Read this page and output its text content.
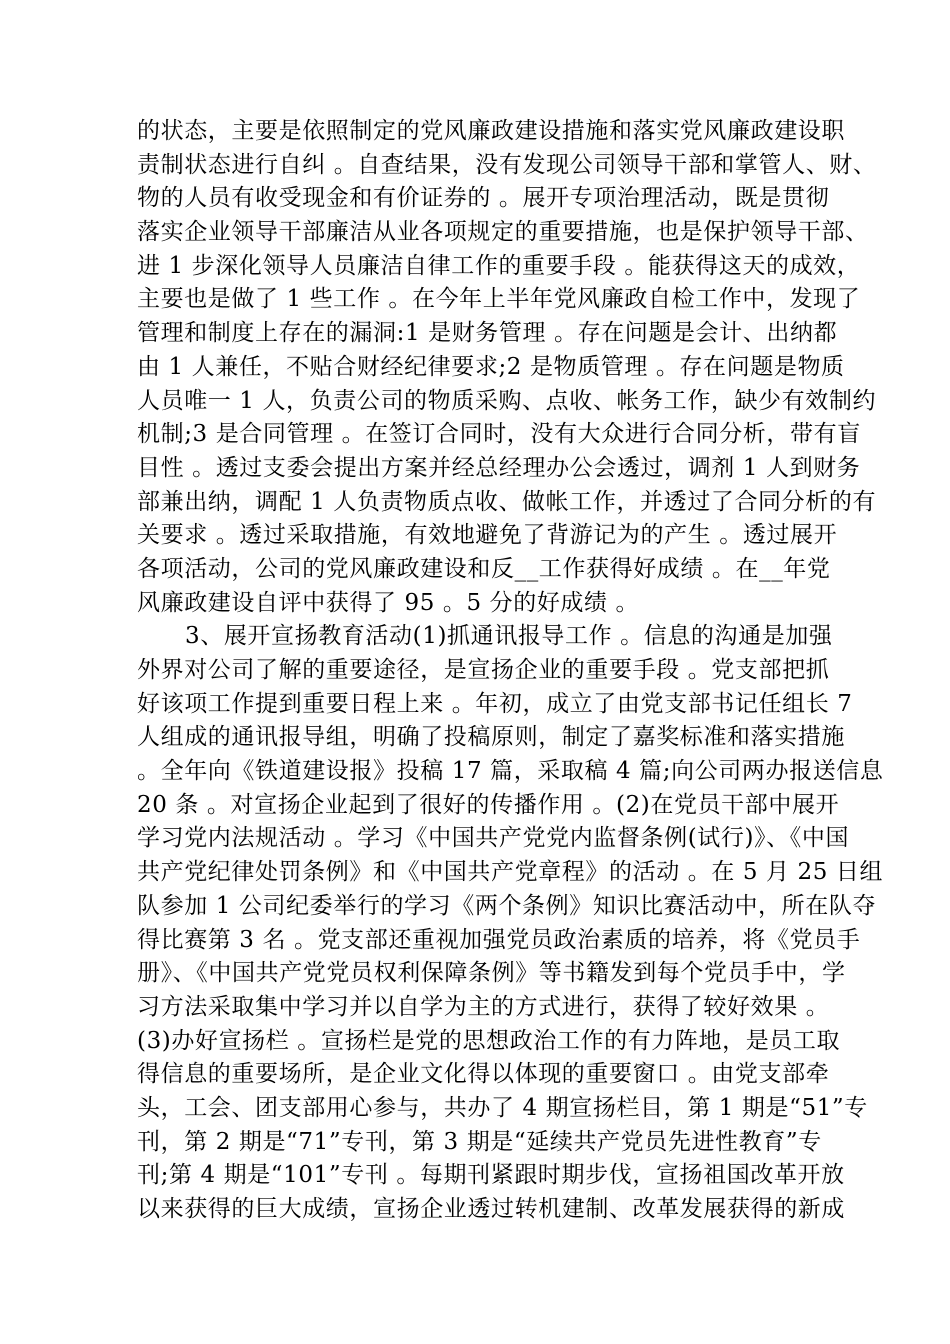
的状态，主要是依照制定的党风廉政建设措施和落实党风廉政建设职
责制状态进行自纠 。自查结果，没有发现公司领导干部和掌管人、财、
物的人员有收受现金和有价证券的 。展开专项治理活动，既是贯彻
落实企业领导干部廉洁从业各项规定的重要措施，也是保护领导干部、
进 1 步深化领导人员廉洁自律工作的重要手段 。能获得这天的成效，
主要也是做了 1 些工作 。在今年上半年党风廉政自检工作中，发现了
管理和制度上存在的漏洞:1 是财务管理 。存在问题是会计、出纳都
由 1 人兼任，不贴合财经纪律要求;2 是物质管理 。存在问题是物质
人员唯一 1 人，负责公司的物质采购、点收、帐务工作，缺少有效制约
机制;3 是合同管理 。在签订合同时，没有大众进行合同分析，带有盲
目性 。透过支委会提出方案并经总经理办公会透过，调剂 1 人到财务
部兼出纳，调配 1 人负责物质点收、做帐工作，并透过了合同分析的有
关要求 。透过采取措施，有效地避免了背游记为的产生 。透过展开
各项活动，公司的党风廉政建设和反__工作获得好成绩 。在__年党
风廉政建设自评中获得了 95 。5 分的好成绩 。
3、展开宣扬教育活动(1)抓通讯报导工作 。信息的沟通是加强
外界对公司了解的重要途径，是宣扬企业的重要手段 。党支部把抓
好该项工作提到重要日程上来 。年初，成立了由党支部书记任组长 7
人组成的通讯报导组，明确了投稿原则，制定了嘉奖标准和落实措施
。全年向《铁道建设报》投稿 17 篇，采取稿 4 篇;向公司两办报送信息
20 条 。对宣扬企业起到了很好的传播作用 。(2)在党员干部中展开
学习党内法规活动 。学习《中国共产党党内监督条例(试行)》、《中国
共产党纪律处罚条例》和《中国共产党章程》的活动 。在 5 月 25 日组
队参加 1 公司纪委举行的学习《两个条例》知识比赛活动中，所在队夺
得比赛第 3 名 。党支部还重视加强党员政治素质的培养，将《党员手
册》、《中国共产党党员权利保障条例》等书籍发到每个党员手中，学
习方法采取集中学习并以自学为主的方式进行，获得了较好效果 。
(3)办好宣扬栏 。宣扬栏是党的思想政治工作的有力阵地，是员工取
得信息的重要场所，是企业文化得以体现的重要窗口 。由党支部牵
头，工会、团支部用心参与，共办了 4 期宣扬栏目，第 1 期是“51”专
刊，第 2 期是“71”专刊，第 3 期是“延续共产党员先进性教育”专
刊;第 4 期是“101”专刊 。每期刊紧跟时期步伐，宣扬祖国改革开放
以来获得的巨大成绩，宣扬企业透过转机建制、改革发展获得的新成
